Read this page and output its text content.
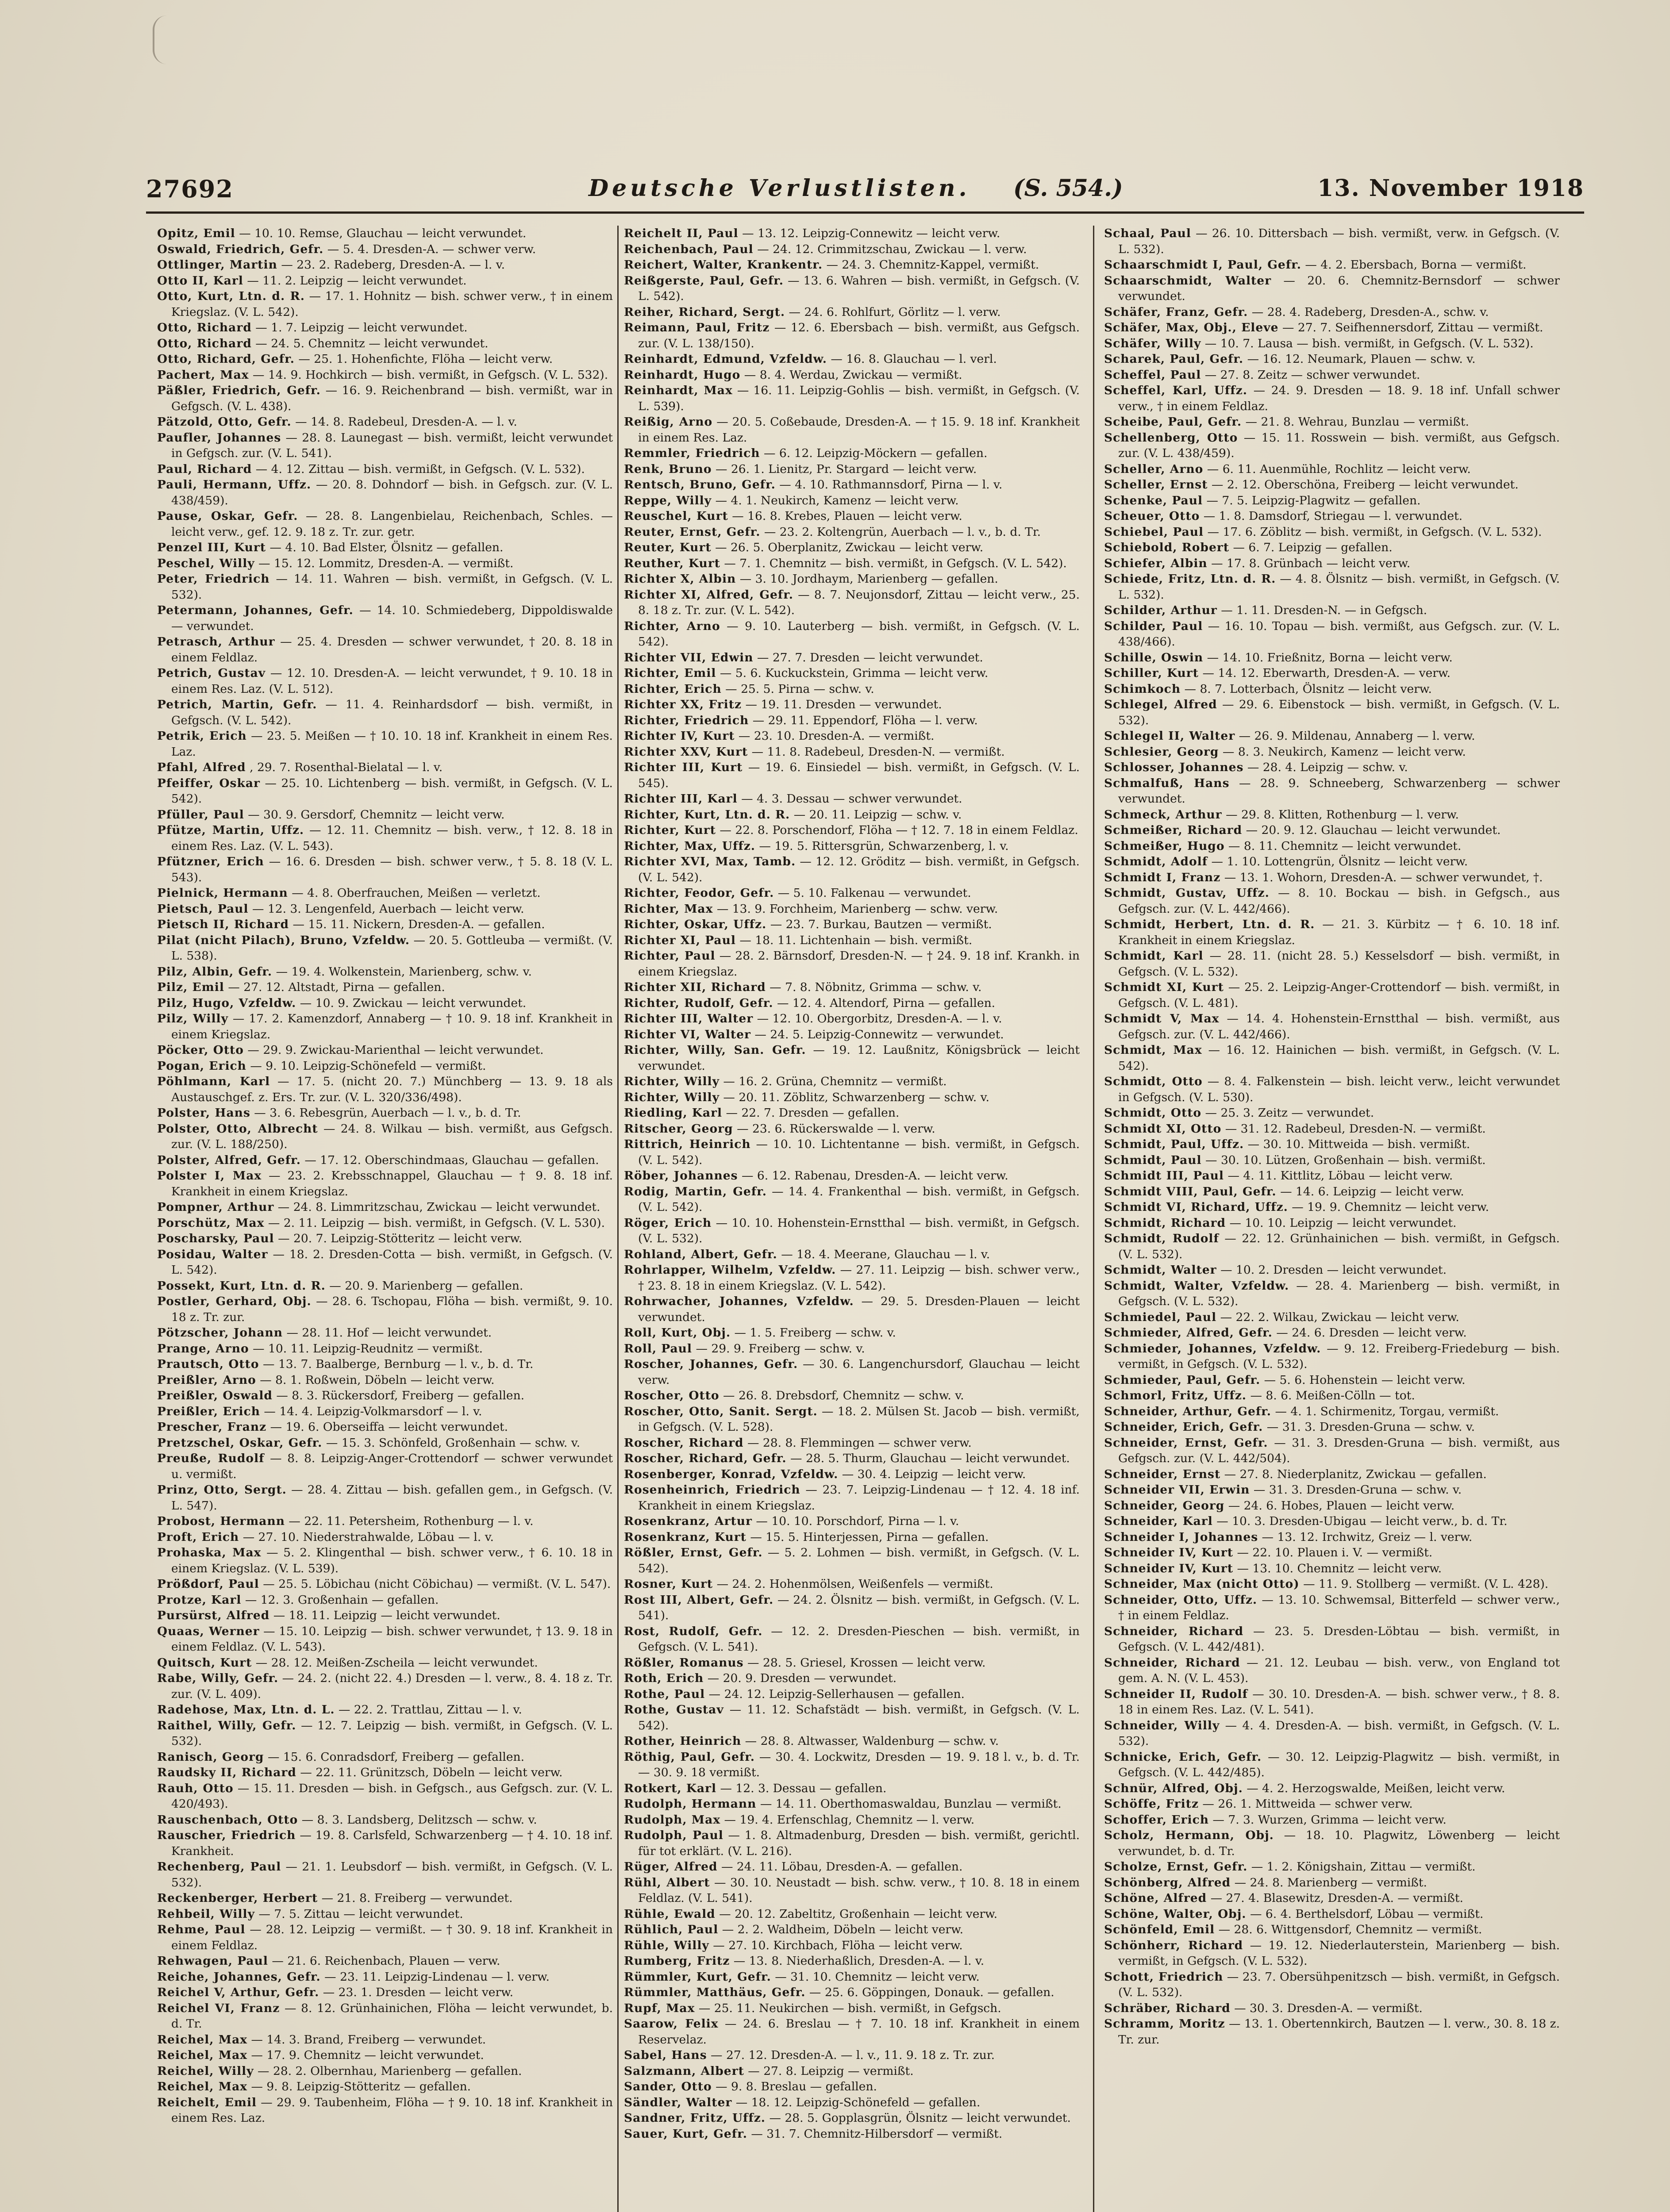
27692	Deutsche Verlustlisten. (S. 554.)	13. November 1918

Opitz, Emil — 10. 10. Remse, Glauchau — leicht verwundet.

Oswald, Friedrich, Gefr. — 5. 4. Dresden-A. — schwer verw.

Ottlinger, Martin — 23. 2. Radeberg, Dresden-A. — l. v.

Otto II, Karl — 11. 2. Leipzig — leicht verwundet.

Otto, Kurt, Ltn. d. R. — 17. 1. Hohnitz — bish. schwer verw., † in einem Kriegslaz. (V. L. 542).

Otto, Richard — 1. 7. Leipzig — leicht verwundet.

Otto, Richard — 24. 5. Chemnitz — leicht verwundet.

Otto, Richard, Gefr. — 25. 1. Hohenfichte, Flöha — leicht verw.

Pachert, Max — 14. 9. Hochkirch — bish. vermißt, in Gefgsch. (V. L. 532).

Päßler, Friedrich, Gefr. — 16. 9. Reichenbrand — bish. vermißt, war in Gefgsch. (V. L. 438).

Pätzold, Otto, Gefr. — 14. 8. Radebeul, Dresden-A. — l. v.

Paufler, Johannes — 28. 8. Launegast — bish. vermißt, leicht verwundet in Gefgsch. zur. (V. L. 541).

Paul, Richard — 4. 12. Zittau — bish. vermißt, in Gefgsch. (V. L. 532).

Pauli, Hermann, Uffz. — 20. 8. Dohndorf — bish. in Gefgsch. zur. (V. L. 438/459).

Pause, Oskar, Gefr. — 28. 8. Langenbielau, Reichenbach, Schles. — leicht verw., gef. 12. 9. 18 z. Tr. zur. getr.

Penzel III, Kurt — 4. 10. Bad Elster, Ölsnitz — gefallen.

Peschel, Willy — 15. 12. Lommitz, Dresden-A. — vermißt.

Peter, Friedrich — 14. 11. Wahren — bish. vermißt, in Gefgsch. (V. L. 532).

Petermann, Johannes, Gefr. — 14. 10. Schmiedeberg, Dippoldiswalde — verwundet.

Petrasch, Arthur — 25. 4. Dresden — schwer verwundet, † 20. 8. 18 in einem Feldlaz.

Petrich, Gustav — 12. 10. Dresden-A. — leicht verwundet, † 9. 10. 18 in einem Res. Laz. (V. L. 512).

Petrich, Martin, Gefr. — 11. 4. Reinhardsdorf — bish. vermißt, in Gefgsch. (V. L. 542).

Petrik, Erich — 23. 5. Meißen — † 10. 10. 18 inf. Krankheit in einem Res. Laz.

Pfahl, Alfred , 29. 7. Rosenthal-Bielatal — l. v.

Pfeiffer, Oskar — 25. 10. Lichtenberg — bish. vermißt, in Gefgsch. (V. L. 542).

Pfüller, Paul — 30. 9. Gersdorf, Chemnitz — leicht verw.

Pfütze, Martin, Uffz. — 12. 11. Chemnitz — bish. verw., † 12. 8. 18 in einem Res. Laz. (V. L. 543).

Pfützner, Erich — 16. 6. Dresden — bish. schwer verw., † 5. 8. 18 (V. L. 543).

Pielnick, Hermann — 4. 8. Oberfrauchen, Meißen — verletzt.

Pietsch, Paul — 12. 3. Lengenfeld, Auerbach — leicht verw.

Pietsch II, Richard — 15. 11. Nickern, Dresden-A. — gefallen.

Pilat (nicht Pilach), Bruno, Vzfeldw. — 20. 5. Gottleuba — vermißt. (V. L. 538).

Pilz, Albin, Gefr. — 19. 4. Wolkenstein, Marienberg, schw. v.

Pilz, Emil — 27. 12. Altstadt, Pirna — gefallen.

Pilz, Hugo, Vzfeldw. — 10. 9. Zwickau — leicht verwundet.

Pilz, Willy — 17. 2. Kamenzdorf, Annaberg — † 10. 9. 18 inf. Krankheit in einem Kriegslaz.

Pöcker, Otto — 29. 9. Zwickau-Marienthal — leicht verwundet.

Pogan, Erich — 9. 10. Leipzig-Schönefeld — vermißt.

Pöhlmann, Karl — 17. 5. (nicht 20. 7.) Münchberg — 13. 9. 18 als Austauschgef. z. Ers. Tr. zur. (V. L. 320/336/498).

Polster, Hans — 3. 6. Rebesgrün, Auerbach — l. v., b. d. Tr.

Polster, Otto, Albrecht — 24. 8. Wilkau — bish. vermißt, aus Gefgsch. zur. (V. L. 188/250).

Polster, Alfred, Gefr. — 17. 12. Oberschindmaas, Glauchau — gefallen.

Polster I, Max — 23. 2. Krebsschnappel, Glauchau — † 9. 8. 18 inf. Krankheit in einem Kriegslaz.

Pompner, Arthur — 24. 8. Limmritzschau, Zwickau — leicht verwundet.

Porschütz, Max — 2. 11. Leipzig — bish. vermißt, in Gefgsch. (V. L. 530).

Poscharsky, Paul — 20. 7. Leipzig-Stötteritz — leicht verw.

Posidau, Walter — 18. 2. Dresden-Cotta — bish. vermißt, in Gefgsch. (V. L. 542).

Possekt, Kurt, Ltn. d. R. — 20. 9. Marienberg — gefallen.

Postler, Gerhard, Obj. — 28. 6. Tschopau, Flöha — bish. vermißt, 9. 10. 18 z. Tr. zur.

Pötzscher, Johann — 28. 11. Hof — leicht verwundet.

Prange, Arno — 10. 11. Leipzig-Reudnitz — vermißt.

Prautsch, Otto — 13. 7. Baalberge, Bernburg — l. v., b. d. Tr.

Preißler, Arno — 8. 1. Roßwein, Döbeln — leicht verw.

Preißler, Oswald — 8. 3. Rückersdorf, Freiberg — gefallen.

Preißler, Erich — 14. 4. Leipzig-Volkmarsdorf — l. v.

Prescher, Franz — 19. 6. Oberseiffa — leicht verwundet.

Pretzschel, Oskar, Gefr. — 15. 3. Schönfeld, Großenhain — schw. v.

Preuße, Rudolf — 8. 8. Leipzig-Anger-Crottendorf — schwer verwundet u. vermißt.

Prinz, Otto, Sergt. — 28. 4. Zittau — bish. gefallen gem., in Gefgsch. (V. L. 547).

Probost, Hermann — 22. 11. Petersheim, Rothenburg — l. v.

Proft, Erich — 27. 10. Niederstrahwalde, Löbau — l. v.

Prohaska, Max — 5. 2. Klingenthal — bish. schwer verw., † 6. 10. 18 in einem Kriegslaz. (V. L. 539).

Prößdorf, Paul — 25. 5. Löbichau (nicht Cöbichau) — vermißt. (V. L. 547).

Protze, Karl — 12. 3. Großenhain — gefallen.

Pursürst, Alfred — 18. 11. Leipzig — leicht verwundet.

Quaas, Werner — 15. 10. Leipzig — bish. schwer verwundet, † 13. 9. 18 in einem Feldlaz. (V. L. 543).

Quitsch, Kurt — 28. 12. Meißen-Zscheila — leicht verwundet.

Rabe, Willy, Gefr. — 24. 2. (nicht 22. 4.) Dresden — l. verw., 8. 4. 18 z. Tr. zur. (V. L. 409).

Radehose, Max, Ltn. d. L. — 22. 2. Trattlau, Zittau — l. v.

Raithel, Willy, Gefr. — 12. 7. Leipzig — bish. vermißt, in Gefgsch. (V. L. 532).

Ranisch, Georg — 15. 6. Conradsdorf, Freiberg — gefallen.

Raudsky II, Richard — 22. 11. Grünitzsch, Döbeln — leicht verw.

Rauh, Otto — 15. 11. Dresden — bish. in Gefgsch., aus Gefgsch. zur. (V. L. 420/493).

Rauschenbach, Otto — 8. 3. Landsberg, Delitzsch — schw. v.

Rauscher, Friedrich — 19. 8. Carlsfeld, Schwarzenberg — † 4. 10. 18 inf. Krankheit.

Rechenberg, Paul — 21. 1. Leubsdorf — bish. vermißt, in Gefgsch. (V. L. 532).

Reckenberger, Herbert — 21. 8. Freiberg — verwundet.

Rehbeil, Willy — 7. 5. Zittau — leicht verwundet.

Rehme, Paul — 28. 12. Leipzig — vermißt. — † 30. 9. 18 inf. Krankheit in einem Feldlaz.

Rehwagen, Paul — 21. 6. Reichenbach, Plauen — verw.

Reiche, Johannes, Gefr. — 23. 11. Leipzig-Lindenau — l. verw.

Reichel V, Arthur, Gefr. — 23. 1. Dresden — leicht verw.

Reichel VI, Franz — 8. 12. Grünhainichen, Flöha — leicht verwundet, b. d. Tr.

Reichel, Max — 14. 3. Brand, Freiberg — verwundet.

Reichel, Max — 17. 9. Chemnitz — leicht verwundet.

Reichel, Willy — 28. 2. Olbernhau, Marienberg — gefallen.

Reichel, Max — 9. 8. Leipzig-Stötteritz — gefallen.

Reichelt, Emil — 29. 9. Taubenheim, Flöha — † 9. 10. 18 inf. Krankheit in einem Res. Laz.

Reichelt II, Paul — 13. 12. Leipzig-Connewitz — leicht verw.

Reichenbach, Paul — 24. 12. Crimmitzschau, Zwickau — l. verw.

Reichert, Walter, Krankentr. — 24. 3. Chemnitz-Kappel, vermißt.

Reißgerste, Paul, Gefr. — 13. 6. Wahren — bish. vermißt, in Gefgsch. (V. L. 542).

Reiher, Richard, Sergt. — 24. 6. Rohlfurt, Görlitz — l. verw.

Reimann, Paul, Fritz — 12. 6. Ebersbach — bish. vermißt, aus Gefgsch. zur. (V. L. 138/150).

Reinhardt, Edmund, Vzfeldw. — 16. 8. Glauchau — l. verl.

Reinhardt, Hugo — 8. 4. Werdau, Zwickau — vermißt.

Reinhardt, Max — 16. 11. Leipzig-Gohlis — bish. vermißt, in Gefgsch. (V. L. 539).

Reißig, Arno — 20. 5. Coßebaude, Dresden-A. — † 15. 9. 18 inf. Krankheit in einem Res. Laz.

Remmler, Friedrich — 6. 12. Leipzig-Möckern — gefallen.

Renk, Bruno — 26. 1. Lienitz, Pr. Stargard — leicht verw.

Rentsch, Bruno, Gefr. — 4. 10. Rathmannsdorf, Pirna — l. v.

Reppe, Willy — 4. 1. Neukirch, Kamenz — leicht verw.

Reuschel, Kurt — 16. 8. Krebes, Plauen — leicht verw.

Reuter, Ernst, Gefr. — 23. 2. Koltengrün, Auerbach — l. v., b. d. Tr.

Reuter, Kurt — 26. 5. Oberplanitz, Zwickau — leicht verw.

Reuther, Kurt — 7. 1. Chemnitz — bish. vermißt, in Gefgsch. (V. L. 542).

Richter X, Albin — 3. 10. Jordhaym, Marienberg — gefallen.

Richter XI, Alfred, Gefr. — 8. 7. Neujonsdorf, Zittau — leicht verw., 25. 8. 18 z. Tr. zur. (V. L. 542).

Richter, Arno — 9. 10. Lauterberg — bish. vermißt, in Gefgsch. (V. L. 542).

Richter VII, Edwin — 27. 7. Dresden — leicht verwundet.

Richter, Emil — 5. 6. Kuckuckstein, Grimma — leicht verw.

Richter, Erich — 25. 5. Pirna — schw. v.

Richter XX, Fritz — 19. 11. Dresden — verwundet.

Richter, Friedrich — 29. 11. Eppendorf, Flöha — l. verw.

Richter IV, Kurt — 23. 10. Dresden-A. — vermißt.

Richter XXV, Kurt — 11. 8. Radebeul, Dresden-N. — vermißt.

Richter III, Kurt — 19. 6. Einsiedel — bish. vermißt, in Gefgsch. (V. L. 545).

Richter III, Karl — 4. 3. Dessau — schwer verwundet.

Richter, Kurt, Ltn. d. R. — 20. 11. Leipzig — schw. v.

Richter, Kurt — 22. 8. Porschendorf, Flöha — † 12. 7. 18 in einem Feldlaz.

Richter, Max, Uffz. — 19. 5. Rittersgrün, Schwarzenberg, l. v.

Richter XVI, Max, Tamb. — 12. 12. Gröditz — bish. vermißt, in Gefgsch. (V. L. 542).

Richter, Feodor, Gefr. — 5. 10. Falkenau — verwundet.

Richter, Max — 13. 9. Forchheim, Marienberg — schw. verw.

Richter, Oskar, Uffz. — 23. 7. Burkau, Bautzen — vermißt.

Richter XI, Paul — 18. 11. Lichtenhain — bish. vermißt.

Richter, Paul — 28. 2. Bärnsdorf, Dresden-N. — † 24. 9. 18 inf. Krankh. in einem Kriegslaz.

Richter XII, Richard — 7. 8. Nöbnitz, Grimma — schw. v.

Richter, Rudolf, Gefr. — 12. 4. Altendorf, Pirna — gefallen.

Richter III, Walter — 12. 10. Obergorbitz, Dresden-A. — l. v.

Richter VI, Walter — 24. 5. Leipzig-Connewitz — verwundet.

Richter, Willy, San. Gefr. — 19. 12. Laußnitz, Königsbrück — leicht verwundet.

Richter, Willy — 16. 2. Grüna, Chemnitz — vermißt.

Richter, Willy — 20. 11. Zöblitz, Schwarzenberg — schw. v.

Riedling, Karl — 22. 7. Dresden — gefallen.

Ritscher, Georg — 23. 6. Rückerswalde — l. verw.

Rittrich, Heinrich — 10. 10. Lichtentanne — bish. vermißt, in Gefgsch. (V. L. 542).

Röber, Johannes — 6. 12. Rabenau, Dresden-A. — leicht verw.

Rodig, Martin, Gefr. — 14. 4. Frankenthal — bish. vermißt, in Gefgsch. (V. L. 542).

Röger, Erich — 10. 10. Hohenstein-Ernstthal — bish. vermißt, in Gefgsch. (V. L. 532).

Rohland, Albert, Gefr. — 18. 4. Meerane, Glauchau — l. v.

Rohrlapper, Wilhelm, Vzfeldw. — 27. 11. Leipzig — bish. schwer verw., † 23. 8. 18 in einem Kriegslaz. (V. L. 542).

Rohrwacher, Johannes, Vzfeldw. — 29. 5. Dresden-Plauen — leicht verwundet.

Roll, Kurt, Obj. — 1. 5. Freiberg — schw. v.

Roll, Paul — 29. 9. Freiberg — schw. v.

Roscher, Johannes, Gefr. — 30. 6. Langenchursdorf, Glauchau — leicht verw.

Roscher, Otto — 26. 8. Drebsdorf, Chemnitz — schw. v.

Roscher, Otto, Sanit. Sergt. — 18. 2. Mülsen St. Jacob — bish. vermißt, in Gefgsch. (V. L. 528).

Roscher, Richard — 28. 8. Flemmingen — schwer verw.

Roscher, Richard, Gefr. — 28. 5. Thurm, Glauchau — leicht verwundet.

Rosenberger, Konrad, Vzfeldw. — 30. 4. Leipzig — leicht verw.

Rosenheinrich, Friedrich — 23. 7. Leipzig-Lindenau — † 12. 4. 18 inf. Krankheit in einem Kriegslaz.

Rosenkranz, Artur — 10. 10. Porschdorf, Pirna — l. v.

Rosenkranz, Kurt — 15. 5. Hinterjessen, Pirna — gefallen.

Rößler, Ernst, Gefr. — 5. 2. Lohmen — bish. vermißt, in Gefgsch. (V. L. 542).

Rosner, Kurt — 24. 2. Hohenmölsen, Weißenfels — vermißt.

Rost III, Albert, Gefr. — 24. 2. Ölsnitz — bish. vermißt, in Gefgsch. (V. L. 541).

Rost, Rudolf, Gefr. — 12. 2. Dresden-Pieschen — bish. vermißt, in Gefgsch. (V. L. 541).

Rößler, Romanus — 28. 5. Griesel, Krossen — leicht verw.

Roth, Erich — 20. 9. Dresden — verwundet.

Rothe, Paul — 24. 12. Leipzig-Sellerhausen — gefallen.

Rothe, Gustav — 11. 12. Schafstädt — bish. vermißt, in Gefgsch. (V. L. 542).

Rother, Heinrich — 28. 8. Altwasser, Waldenburg — schw. v.

Röthig, Paul, Gefr. — 30. 4. Lockwitz, Dresden — 19. 9. 18 l. v., b. d. Tr. — 30. 9. 18 vermißt.

Rotkert, Karl — 12. 3. Dessau — gefallen.

Rudolph, Hermann — 14. 11. Oberthomaswaldau, Bunzlau — vermißt.

Rudolph, Max — 19. 4. Erfenschlag, Chemnitz — l. verw.

Rudolph, Paul — 1. 8. Altmadenburg, Dresden — bish. vermißt, gerichtl. für tot erklärt. (V. L. 216).

Rüger, Alfred — 24. 11. Löbau, Dresden-A. — gefallen.

Rühl, Albert — 30. 10. Neustadt — bish. schw. verw., † 10. 8. 18 in einem Feldlaz. (V. L. 541).

Rühle, Ewald — 20. 12. Zabeltitz, Großenhain — leicht verw.

Rühlich, Paul — 2. 2. Waldheim, Döbeln — leicht verw.

Rühle, Willy — 27. 10. Kirchbach, Flöha — leicht verw.

Rumberg, Fritz — 13. 8. Niederhaßlich, Dresden-A. — l. v.

Rümmler, Kurt, Gefr. — 31. 10. Chemnitz — leicht verw.

Rümmler, Matthäus, Gefr. — 25. 6. Göppingen, Donauk. — gefallen.

Rupf, Max — 25. 11. Neukirchen — bish. vermißt, in Gefgsch.

Saarow, Felix — 24. 6. Breslau — † 7. 10. 18 inf. Krankheit in einem Reservelaz.

Sabel, Hans — 27. 12. Dresden-A. — l. v., 11. 9. 18 z. Tr. zur.

Salzmann, Albert — 27. 8. Leipzig — vermißt.

Sander, Otto — 9. 8. Breslau — gefallen.

Sändler, Walter — 18. 12. Leipzig-Schönefeld — gefallen.

Sandner, Fritz, Uffz. — 28. 5. Gopplasgrün, Ölsnitz — leicht verwundet.

Sauer, Kurt, Gefr. — 31. 7. Chemnitz-Hilbersdorf — vermißt.

Schaal, Paul — 26. 10. Dittersbach — bish. vermißt, verw. in Gefgsch. (V. L. 532).

Schaarschmidt I, Paul, Gefr. — 4. 2. Ebersbach, Borna — vermißt.

Schaarschmidt, Walter — 20. 6. Chemnitz-Bernsdorf — schwer verwundet.

Schäfer, Franz, Gefr. — 28. 4. Radeberg, Dresden-A., schw. v.

Schäfer, Max, Obj., Eleve — 27. 7. Seifhennersdorf, Zittau — vermißt.

Schäfer, Willy — 10. 7. Lausa — bish. vermißt, in Gefgsch. (V. L. 532).

Scharek, Paul, Gefr. — 16. 12. Neumark, Plauen — schw. v.

Scheffel, Paul — 27. 8. Zeitz — schwer verwundet.

Scheffel, Karl, Uffz. — 24. 9. Dresden — 18. 9. 18 inf. Unfall schwer verw., † in einem Feldlaz.

Scheibe, Paul, Gefr. — 21. 8. Wehrau, Bunzlau — vermißt.

Schellenberg, Otto — 15. 11. Rosswein — bish. vermißt, aus Gefgsch. zur. (V. L. 438/459).

Scheller, Arno — 6. 11. Auenmühle, Rochlitz — leicht verw.

Scheller, Ernst — 2. 12. Oberschöna, Freiberg — leicht verwundet.

Schenke, Paul — 7. 5. Leipzig-Plagwitz — gefallen.

Scheuer, Otto — 1. 8. Damsdorf, Striegau — l. verwundet.

Schiebel, Paul — 17. 6. Zöblitz — bish. vermißt, in Gefgsch. (V. L. 532).

Schiebold, Robert — 6. 7. Leipzig — gefallen.

Schiefer, Albin — 17. 8. Grünbach — leicht verw.

Schiede, Fritz, Ltn. d. R. — 4. 8. Ölsnitz — bish. vermißt, in Gefgsch. (V. L. 532).

Schilder, Arthur — 1. 11. Dresden-N. — in Gefgsch.

Schilder, Paul — 16. 10. Topau — bish. vermißt, aus Gefgsch. zur. (V. L. 438/466).

Schille, Oswin — 14. 10. Frießnitz, Borna — leicht verw.

Schiller, Kurt — 14. 12. Eberwarth, Dresden-A. — verw.

Schimkoch — 8. 7. Lotterbach, Ölsnitz — leicht verw.

Schlegel, Alfred — 29. 6. Eibenstock — bish. vermißt, in Gefgsch. (V. L. 532).

Schlegel II, Walter — 26. 9. Mildenau, Annaberg — l. verw.

Schlesier, Georg — 8. 3. Neukirch, Kamenz — leicht verw.

Schlosser, Johannes — 28. 4. Leipzig — schw. v.

Schmalfuß, Hans — 28. 9. Schneeberg, Schwarzenberg — schwer verwundet.

Schmeck, Arthur — 29. 8. Klitten, Rothenburg — l. verw.

Schmeißer, Richard — 20. 9. 12. Glauchau — leicht verwundet.

Schmeißer, Hugo — 8. 11. Chemnitz — leicht verwundet.

Schmidt, Adolf — 1. 10. Lottengrün, Ölsnitz — leicht verw.

Schmidt I, Franz — 13. 1. Wohorn, Dresden-A. — schwer verwundet, †.

Schmidt, Gustav, Uffz. — 8. 10. Bockau — bish. in Gefgsch., aus Gefgsch. zur. (V. L. 442/466).

Schmidt, Herbert, Ltn. d. R. — 21. 3. Kürbitz — † 6. 10. 18 inf. Krankheit in einem Kriegslaz.

Schmidt, Karl — 28. 11. (nicht 28. 5.) Kesselsdorf — bish. vermißt, in Gefgsch. (V. L. 532).

Schmidt XI, Kurt — 25. 2. Leipzig-Anger-Crottendorf — bish. vermißt, in Gefgsch. (V. L. 481).

Schmidt V, Max — 14. 4. Hohenstein-Ernstthal — bish. vermißt, aus Gefgsch. zur. (V. L. 442/466).

Schmidt, Max — 16. 12. Hainichen — bish. vermißt, in Gefgsch. (V. L. 542).

Schmidt, Otto — 8. 4. Falkenstein — bish. leicht verw., leicht verwundet in Gefgsch. (V. L. 530).

Schmidt, Otto — 25. 3. Zeitz — verwundet.

Schmidt XI, Otto — 31. 12. Radebeul, Dresden-N. — vermißt.

Schmidt, Paul, Uffz. — 30. 10. Mittweida — bish. vermißt.

Schmidt, Paul — 30. 10. Lützen, Großenhain — bish. vermißt.

Schmidt III, Paul — 4. 11. Kittlitz, Löbau — leicht verw.

Schmidt VIII, Paul, Gefr. — 14. 6. Leipzig — leicht verw.

Schmidt VI, Richard, Uffz. — 19. 9. Chemnitz — leicht verw.

Schmidt, Richard — 10. 10. Leipzig — leicht verwundet.

Schmidt, Rudolf — 22. 12. Grünhainichen — bish. vermißt, in Gefgsch. (V. L. 532).

Schmidt, Walter — 10. 2. Dresden — leicht verwundet.

Schmidt, Walter, Vzfeldw. — 28. 4. Marienberg — bish. vermißt, in Gefgsch. (V. L. 532).

Schmiedel, Paul — 22. 2. Wilkau, Zwickau — leicht verw.

Schmieder, Alfred, Gefr. — 24. 6. Dresden — leicht verw.

Schmieder, Johannes, Vzfeldw. — 9. 12. Freiberg-Friedeburg — bish. vermißt, in Gefgsch. (V. L. 532).

Schmieder, Paul, Gefr. — 5. 6. Hohenstein — leicht verw.

Schmorl, Fritz, Uffz. — 8. 6. Meißen-Cölln — tot.

Schneider, Arthur, Gefr. — 4. 1. Schirmenitz, Torgau, vermißt.

Schneider, Erich, Gefr. — 31. 3. Dresden-Gruna — schw. v.

Schneider, Ernst, Gefr. — 31. 3. Dresden-Gruna — bish. vermißt, aus Gefgsch. zur. (V. L. 442/504).

Schneider, Ernst — 27. 8. Niederplanitz, Zwickau — gefallen.

Schneider VII, Erwin — 31. 3. Dresden-Gruna — schw. v.

Schneider, Georg — 24. 6. Hobes, Plauen — leicht verw.

Schneider, Karl — 10. 3. Dresden-Ubigau — leicht verw., b. d. Tr.

Schneider I, Johannes — 13. 12. Irchwitz, Greiz — l. verw.

Schneider IV, Kurt — 22. 10. Plauen i. V. — vermißt.

Schneider IV, Kurt — 13. 10. Chemnitz — leicht verw.

Schneider, Max (nicht Otto) — 11. 9. Stollberg — vermißt. (V. L. 428).

Schneider, Otto, Uffz. — 13. 10. Schwemsal, Bitterfeld — schwer verw., † in einem Feldlaz.

Schneider, Richard — 23. 5. Dresden-Löbtau — bish. vermißt, in Gefgsch. (V. L. 442/481).

Schneider, Richard — 21. 12. Leubau — bish. verw., von England tot gem. A. N. (V. L. 453).

Schneider II, Rudolf — 30. 10. Dresden-A. — bish. schwer verw., † 8. 8. 18 in einem Res. Laz. (V. L. 541).

Schneider, Willy — 4. 4. Dresden-A. — bish. vermißt, in Gefgsch. (V. L. 532).

Schnicke, Erich, Gefr. — 30. 12. Leipzig-Plagwitz — bish. vermißt, in Gefgsch. (V. L. 442/485).

Schnür, Alfred, Obj. — 4. 2. Herzogswalde, Meißen, leicht verw.

Schöffe, Fritz — 26. 1. Mittweida — schwer verw.

Schoffer, Erich — 7. 3. Wurzen, Grimma — leicht verw.

Scholz, Hermann, Obj. — 18. 10. Plagwitz, Löwenberg — leicht verwundet, b. d. Tr.

Scholze, Ernst, Gefr. — 1. 2. Königshain, Zittau — vermißt.

Schönberg, Alfred — 24. 8. Marienberg — vermißt.

Schöne, Alfred — 27. 4. Blasewitz, Dresden-A. — vermißt.

Schöne, Walter, Obj. — 6. 4. Berthelsdorf, Löbau — vermißt.

Schönfeld, Emil — 28. 6. Wittgensdorf, Chemnitz — vermißt.

Schönherr, Richard — 19. 12. Niederlauterstein, Marienberg — bish. vermißt, in Gefgsch. (V. L. 532).

Schott, Friedrich — 23. 7. Obersühpenitzsch — bish. vermißt, in Gefgsch. (V. L. 532).

Schräber, Richard — 30. 3. Dresden-A. — vermißt.

Schramm, Moritz — 13. 1. Obertennkirch, Bautzen — l. verw., 30. 8. 18 z. Tr. zur.
